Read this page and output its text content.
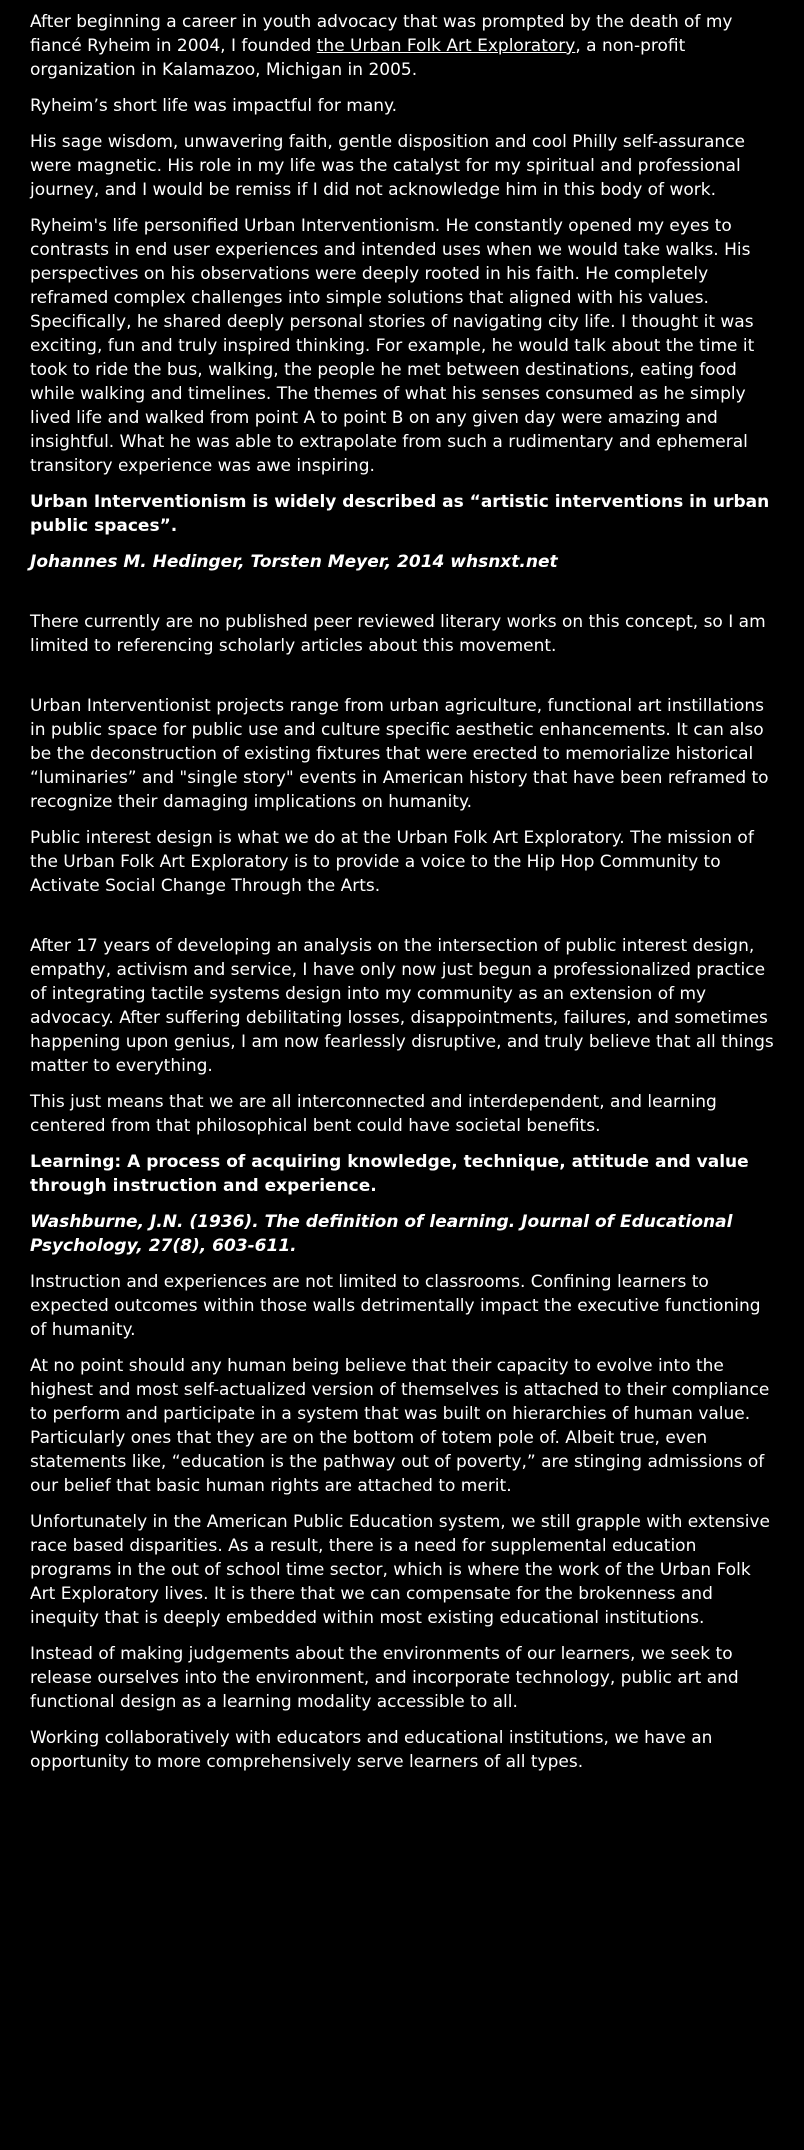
After beginning a career in youth advocacy that was prompted by the death of my fiancé Ryheim in 2004, I founded the Urban Folk Art Exploratory, a non-profit organization in Kalamazoo, Michigan in 2005.

Ryheim’s short life was impactful for many.

His sage wisdom, unwavering faith, gentle disposition and cool Philly self-assurance were magnetic. His role in my life was the catalyst for my spiritual and professional journey, and I would be remiss if I did not acknowledge him in this body of work.

Ryheim's life personified Urban Interventionism. He constantly opened my eyes to contrasts in end user experiences and intended uses when we would take walks. His perspectives on his observations were deeply rooted in his faith. He completely reframed complex challenges into simple solutions that aligned with his values. Specifically, he shared deeply personal stories of navigating city life. I thought it was exciting, fun and truly inspired thinking. For example, he would talk about the time it took to ride the bus, walking, the people he met between destinations, eating food while walking and timelines. The themes of what his senses consumed as he simply lived life and walked from point A to point B on any given day were amazing and insightful. What he was able to extrapolate from such a rudimentary and ephemeral transitory experience was awe inspiring.

Urban Interventionism is widely described as “artistic interventions in urban public spaces”.

Johannes M. Hedinger, Torsten Meyer, 2014 whsnxt.net

There currently are no published peer reviewed literary works on this concept, so I am limited to referencing scholarly articles about this movement.

Urban Interventionist projects range from urban agriculture, functional art instillations in public space for public use and culture specific aesthetic enhancements. It can also be the deconstruction of existing fixtures that were erected to memorialize historical “luminaries” and "single story" events in American history that have been reframed to recognize their damaging implications on humanity.

Public interest design is what we do at the Urban Folk Art Exploratory. The mission of the Urban Folk Art Exploratory is to provide a voice to the Hip Hop Community to Activate Social Change Through the Arts.

After 17 years of developing an analysis on the intersection of public interest design, empathy, activism and service, I have only now just begun a professionalized practice of integrating tactile systems design into my community as an extension of my advocacy. After suffering debilitating losses, disappointments, failures, and sometimes happening upon genius, I am now fearlessly disruptive, and truly believe that all things matter to everything.

This just means that we are all interconnected and interdependent, and learning centered from that philosophical bent could have societal benefits.

Learning: A process of acquiring knowledge, technique, attitude and value through instruction and experience.

Washburne, J.N. (1936). The definition of learning. Journal of Educational Psychology, 27(8), 603-611.

Instruction and experiences are not limited to classrooms. Confining learners to expected outcomes within those walls detrimentally impact the executive functioning of humanity.

At no point should any human being believe that their capacity to evolve into the highest and most self-actualized version of themselves is attached to their compliance to perform and participate in a system that was built on hierarchies of human value. Particularly ones that they are on the bottom of totem pole of. Albeit true, even statements like, “education is the pathway out of poverty,” are stinging admissions of our belief that basic human rights are attached to merit.

Unfortunately in the American Public Education system, we still grapple with extensive race based disparities. As a result, there is a need for supplemental education programs in the out of school time sector, which is where the work of the Urban Folk Art Exploratory lives. It is there that we can compensate for the brokenness and inequity that is deeply embedded within most existing educational institutions.

Instead of making judgements about the environments of our learners, we seek to release ourselves into the environment, and incorporate technology, public art and functional design as a learning modality accessible to all.

Working collaboratively with educators and educational institutions, we have an opportunity to more comprehensively serve learners of all types.
